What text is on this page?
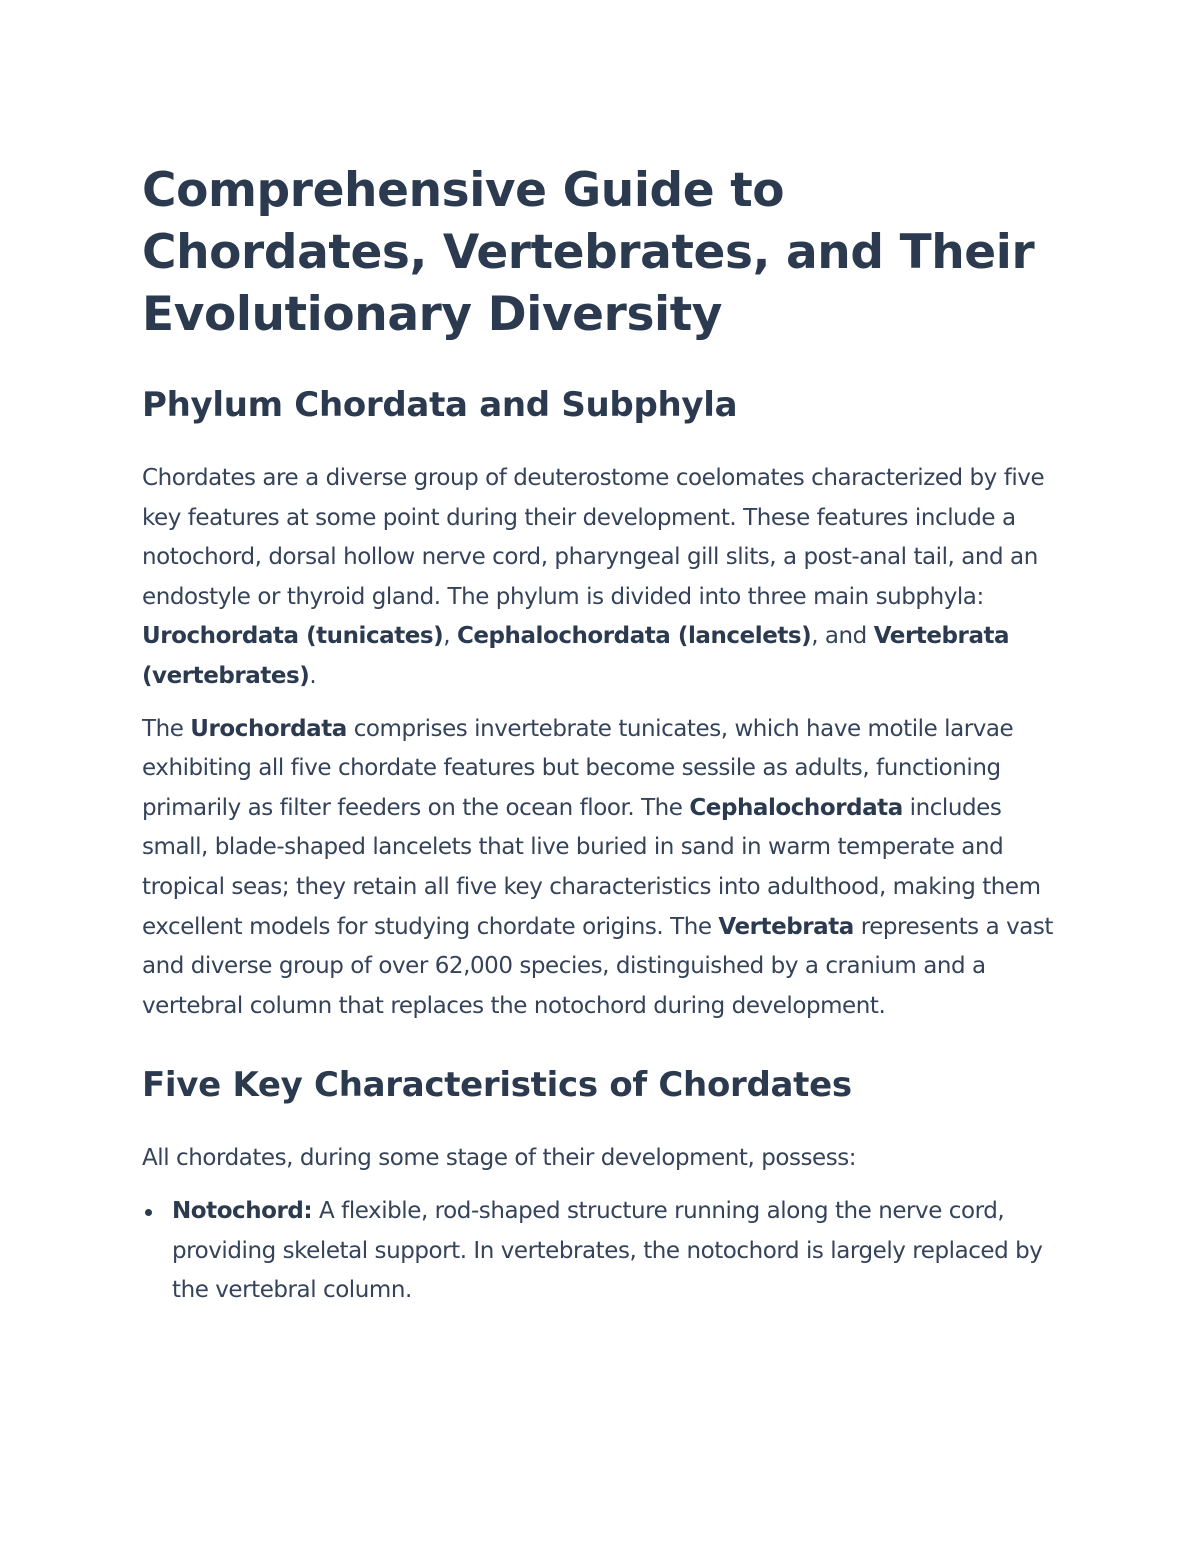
Comprehensive Guide to Chordates, Vertebrates, and Their Evolutionary Diversity
Phylum Chordata and Subphyla

Chordates are a diverse group of deuterostome coelomates characterized by five key features at some point during their development. These features include a notochord, dorsal hollow nerve cord, pharyngeal gill slits, a post-anal tail, and an endostyle or thyroid gland. The phylum is divided into three main subphyla: Urochordata (tunicates), Cephalochordata (lancelets), and Vertebrata (vertebrates).

The Urochordata comprises invertebrate tunicates, which have motile larvae exhibiting all five chordate features but become sessile as adults, functioning primarily as filter feeders on the ocean floor. The Cephalochordata includes small, blade-shaped lancelets that live buried in sand in warm temperate and tropical seas; they retain all five key characteristics into adulthood, making them excellent models for studying chordate origins. The Vertebrata represents a vast and diverse group of over 62,000 species, distinguished by a cranium and a vertebral column that replaces the notochord during development.

Five Key Characteristics of Chordates

All chordates, during some stage of their development, possess:

Notochord: A flexible, rod-shaped structure running along the nerve cord, providing skeletal support. In vertebrates, the notochord is largely replaced by the vertebral column.
